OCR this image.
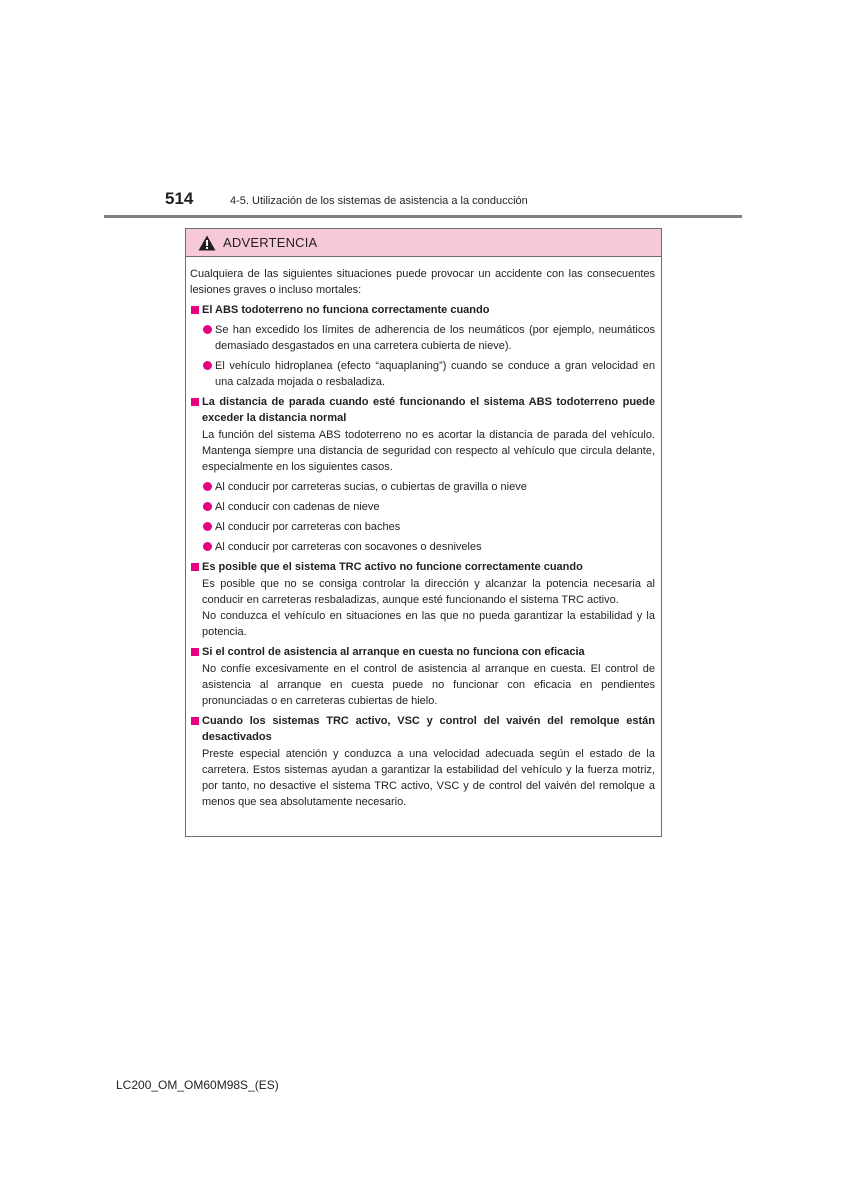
514	4-5. Utilización de los sistemas de asistencia a la conducción
ADVERTENCIA

Cualquiera de las siguientes situaciones puede provocar un accidente con las consecuentes lesiones graves o incluso mortales:

El ABS todoterreno no funciona correctamente cuando
Se han excedido los límites de adherencia de los neumáticos (por ejemplo, neumáticos demasiado desgastados en una carretera cubierta de nieve).
El vehículo hidroplanea (efecto “aquaplaning”) cuando se conduce a gran velocidad en una calzada mojada o resbaladiza.
La distancia de parada cuando esté funcionando el sistema ABS todoterreno puede exceder la distancia normal
La función del sistema ABS todoterreno no es acortar la distancia de parada del vehículo. Mantenga siempre una distancia de seguridad con respecto al vehículo que circula delante, especialmente en los siguientes casos.
Al conducir por carreteras sucias, o cubiertas de gravilla o nieve
Al conducir con cadenas de nieve
Al conducir por carreteras con baches
Al conducir por carreteras con socavones o desniveles
Es posible que el sistema TRC activo no funcione correctamente cuando
Es posible que no se consiga controlar la dirección y alcanzar la potencia necesaria al conducir en carreteras resbaladizas, aunque esté funcionando el sistema TRC activo.
No conduzca el vehículo en situaciones en las que no pueda garantizar la estabilidad y la potencia.
Si el control de asistencia al arranque en cuesta no funciona con eficacia
No confíe excesivamente en el control de asistencia al arranque en cuesta. El control de asistencia al arranque en cuesta puede no funcionar con eficacia en pendientes pronunciadas o en carreteras cubiertas de hielo.
Cuando los sistemas TRC activo, VSC y control del vaivén del remolque están desactivados
Preste especial atención y conduzca a una velocidad adecuada según el estado de la carretera. Estos sistemas ayudan a garantizar la estabilidad del vehículo y la fuerza motriz, por tanto, no desactive el sistema TRC activo, VSC y de control del vaivén del remolque a menos que sea absolutamente necesario.
LC200_OM_OM60M98S_(ES)
